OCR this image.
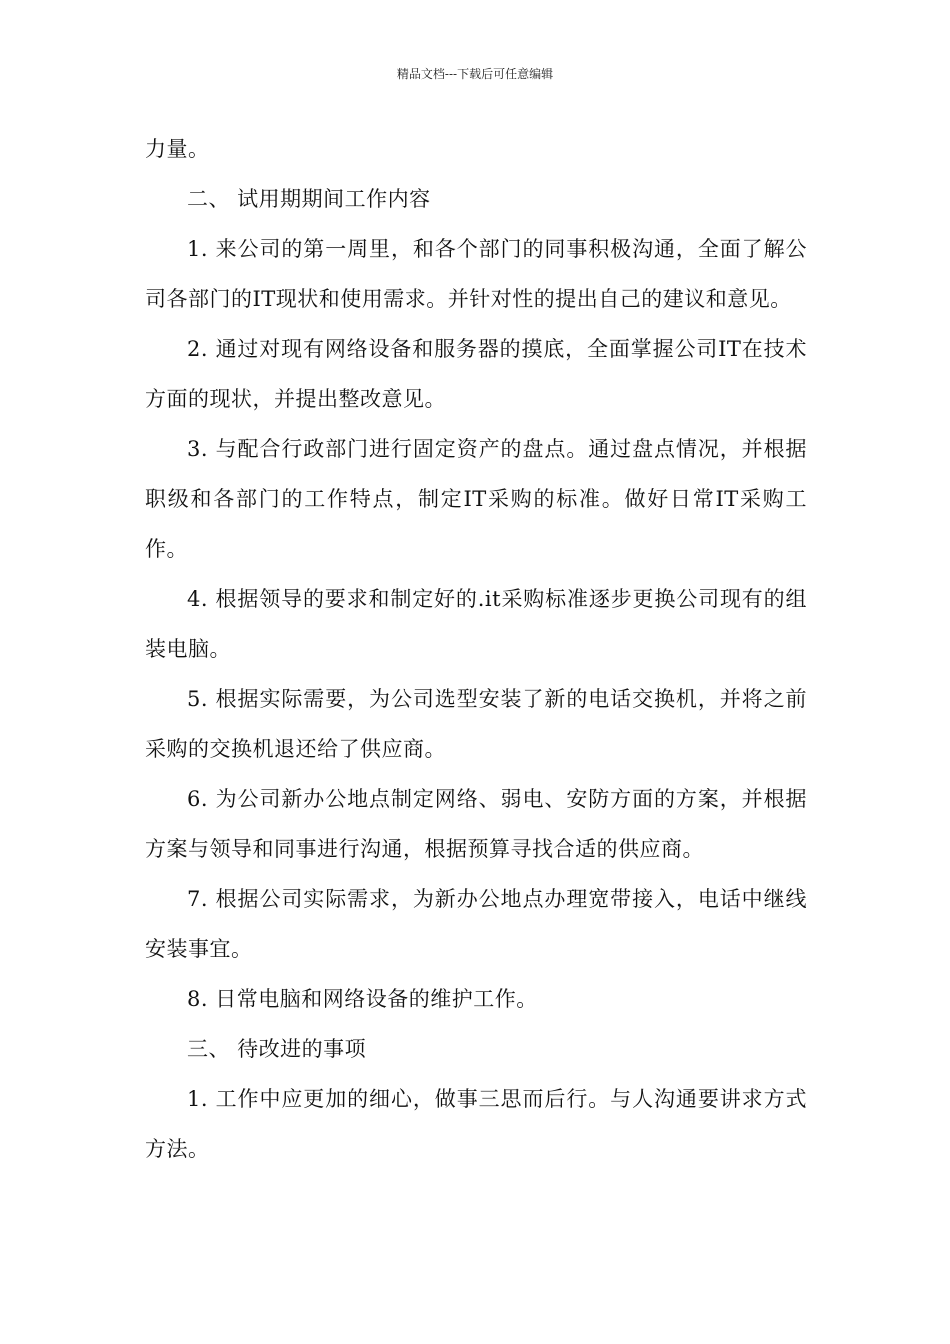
精品文档---下载后可任意编辑

力量。

二、 试用期期间工作内容

1. 来公司的第一周里，和各个部门的同事积极沟通，全面了解公司各部门的IT现状和使用需求。并针对性的提出自己的建议和意见。

2. 通过对现有网络设备和服务器的摸底，全面掌握公司IT在技术方面的现状，并提出整改意见。

3. 与配合行政部门进行固定资产的盘点。通过盘点情况，并根据职级和各部门的工作特点，制定IT采购的标准。做好日常IT采购工作。

4. 根据领导的要求和制定好的.it采购标准逐步更换公司现有的组装电脑。

5. 根据实际需要，为公司选型安装了新的电话交换机，并将之前采购的交换机退还给了供应商。

6. 为公司新办公地点制定网络、弱电、安防方面的方案，并根据方案与领导和同事进行沟通，根据预算寻找合适的供应商。

7. 根据公司实际需求，为新办公地点办理宽带接入，电话中继线安装事宜。

8. 日常电脑和网络设备的维护工作。

三、 待改进的事项

1. 工作中应更加的细心，做事三思而后行。与人沟通要讲求方式方法。
